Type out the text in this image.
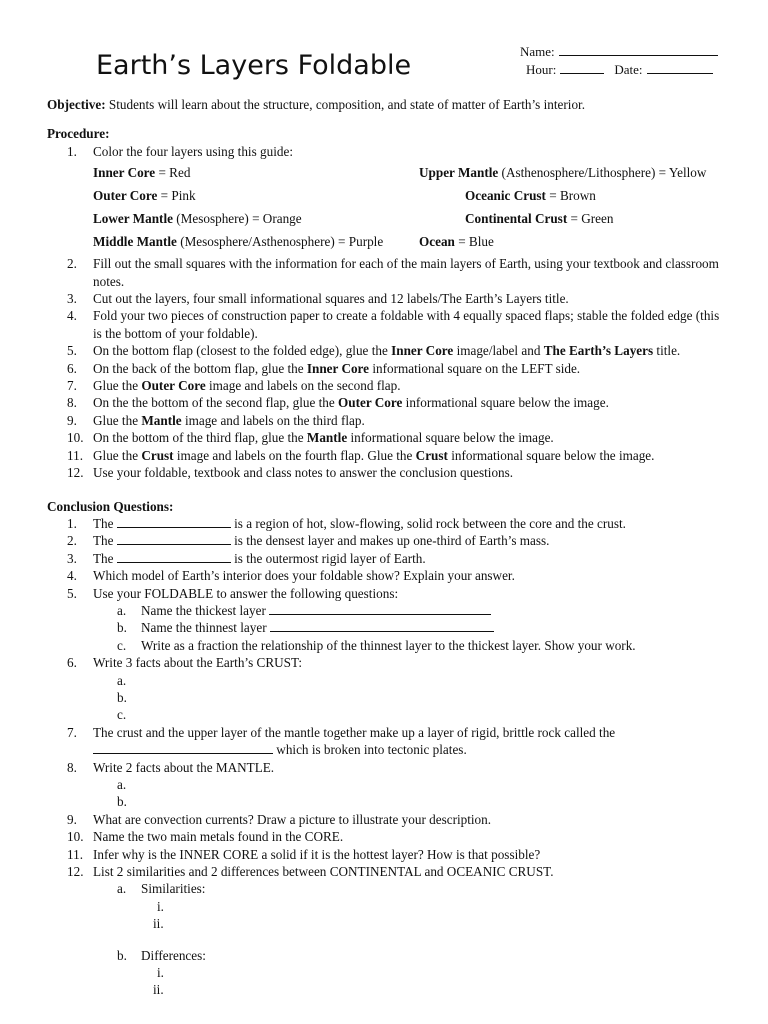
Earth’s Layers Foldable	Name:
Hour:	Date:

Objective: Students will learn about the structure, composition, and state of matter of Earth’s interior.

Procedure:

1.	Color the four layers using this guide:
Inner Core = Red	Upper Mantle (Asthenosphere/Lithosphere) = Yellow
Outer Core = Pink	Oceanic Crust = Brown
Lower Mantle (Mesosphere) = Orange	Continental Crust = Green
Middle Mantle (Mesosphere/Asthenosphere) = Purple	Ocean = Blue
2.	Fill out the small squares with the information for each of the main layers of Earth, using your textbook and classroom notes.
3.	Cut out the layers, four small informational squares and 12 labels/The Earth’s Layers title.
4.	Fold your two pieces of construction paper to create a foldable with 4 equally spaced flaps; stable the folded edge (this is the bottom of your foldable).
5.	On the bottom flap (closest to the folded edge), glue the Inner Core image/label and The Earth’s Layers title.
6.	On the back of the bottom flap, glue the Inner Core informational square on the LEFT side.
7.	Glue the Outer Core image and labels on the second flap.
8.	On the the bottom of the second flap, glue the Outer Core informational square below the image.
9.	Glue the Mantle image and labels on the third flap.
10. On the bottom of the third flap, glue the Mantle informational square below the image.
11. Glue the Crust image and labels on the fourth flap. Glue the Crust informational square below the image.
12. Use your foldable, textbook and class notes to answer the conclusion questions.

Conclusion Questions:

1.	The	is a region of hot, slow-flowing, solid rock between the core and the crust.
2.	The	is the densest layer and makes up one-third of Earth’s mass.
3.	The	is the outermost rigid layer of Earth.
4.	Which model of Earth’s interior does your foldable show? Explain your answer.
5.	Use your FOLDABLE to answer the following questions:
a.	Name the thickest layer
b.	Name the thinnest layer
c.	Write as a fraction the relationship of the thinnest layer to the thickest layer. Show your work.
6.	Write 3 facts about the Earth’s CRUST:
a.
b.
c.
7.	The crust and the upper layer of the mantle together make up a layer of rigid, brittle rock called the
which is broken into tectonic plates.
8.	Write 2 facts about the MANTLE.
a.
b.
9.	What are convection currents? Draw a picture to illustrate your description.
10. Name the two main metals found in the CORE.
11. Infer why is the INNER CORE a solid if it is the hottest layer? How is that possible?
12. List 2 similarities and 2 differences between CONTINENTAL and OCEANIC CRUST.
a.	Similarities:
i.
ii.
b.	Differences:
i.
ii.
